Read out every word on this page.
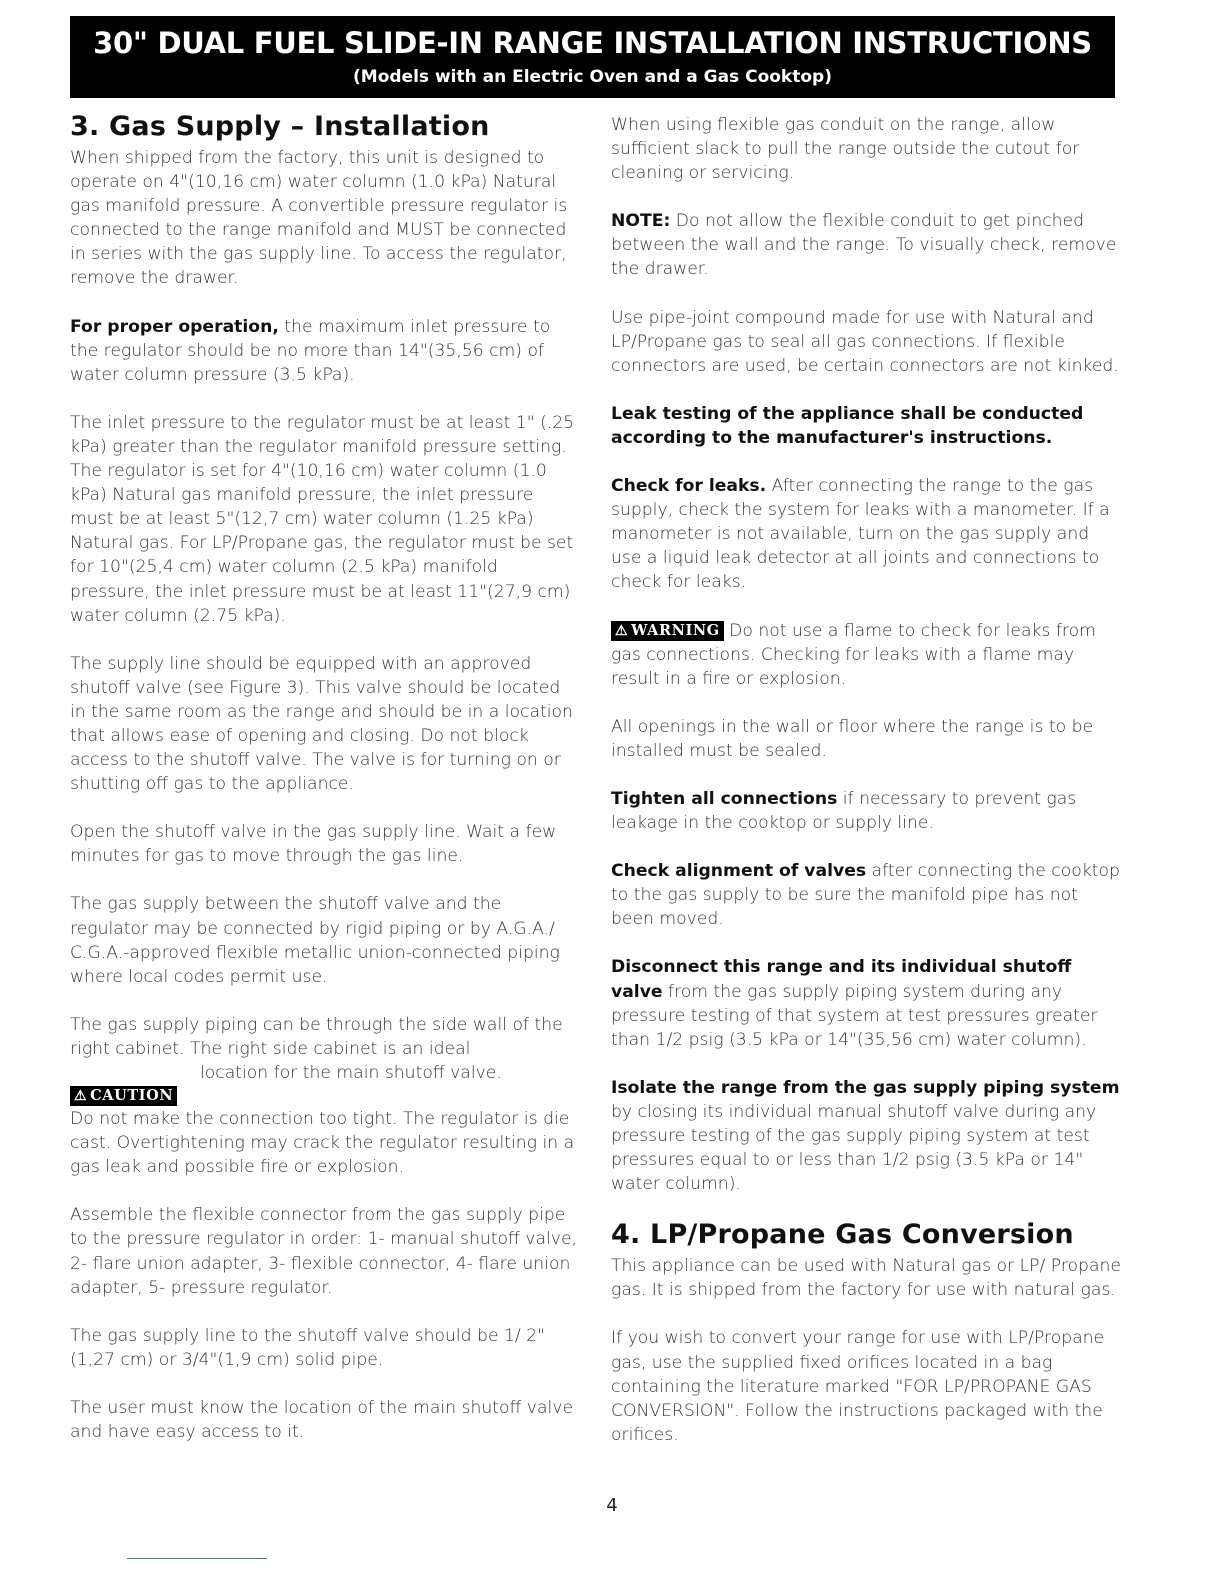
30" DUAL FUEL SLIDE-IN RANGE INSTALLATION INSTRUCTIONS
(Models with an Electric Oven and a Gas Cooktop)
3. Gas Supply – Installation

When shipped from the factory, this unit is designed to operate on 4"(10,16 cm) water column (1.0 kPa) Natural gas manifold pressure. A convertible pressure regulator is connected to the range manifold and MUST be connected in series with the gas supply line. To access the regulator, remove the drawer.

For proper operation, the maximum inlet pressure to the regulator should be no more than 14"(35,56 cm) of water column pressure (3.5 kPa).

The inlet pressure to the regulator must be at least 1" (.25 kPa) greater than the regulator manifold pressure setting. The regulator is set for 4"(10,16 cm) water column (1.0 kPa) Natural gas manifold pressure, the inlet pressure must be at least 5"(12,7 cm) water column (1.25 kPa) Natural gas. For LP/Propane gas, the regulator must be set for 10"(25,4 cm) water column (2.5 kPa) manifold pressure, the inlet pressure must be at least 11"(27,9 cm) water column (2.75 kPa).

The supply line should be equipped with an approved shutoff valve (see Figure 3). This valve should be located in the same room as the range and should be in a location that allows ease of opening and closing. Do not block access to the shutoff valve. The valve is for turning on or shutting off gas to the appliance.

Open the shutoff valve in the gas supply line. Wait a few minutes for gas to move through the gas line.

The gas supply between the shutoff valve and the regulator may be connected by rigid piping or by A.G.A./ C.G.A.-approved flexible metallic union-connected piping where local codes permit use.

The gas supply piping can be through the side wall of the right cabinet. The right side cabinet is an ideal
location for the main shutoff valve.

⚠ CAUTION

Do not make the connection too tight. The regulator is die cast. Overtightening may crack the regulator resulting in a gas leak and possible fire or explosion.

Assemble the flexible connector from the gas supply pipe to the pressure regulator in order: 1- manual shutoff valve, 2- flare union adapter, 3- flexible connector, 4- flare union adapter, 5- pressure regulator.

The gas supply line to the shutoff valve should be 1/ 2"(1,27 cm) or 3/4"(1,9 cm) solid pipe.

The user must know the location of the main shutoff valve and have easy access to it.

When using flexible gas conduit on the range, allow sufficient slack to pull the range outside the cutout for cleaning or servicing.

NOTE: Do not allow the flexible conduit to get pinched between the wall and the range. To visually check, remove the drawer.

Use pipe-joint compound made for use with Natural and LP/Propane gas to seal all gas connections. If flexible connectors are used, be certain connectors are not kinked.

Leak testing of the appliance shall be conducted according to the manufacturer's instructions.

Check for leaks. After connecting the range to the gas supply, check the system for leaks with a manometer. If a manometer is not available, turn on the gas supply and use a liquid leak detector at all joints and connections to check for leaks.

⚠ WARNING Do not use a flame to check for leaks from gas connections. Checking for leaks with a flame may result in a fire or explosion.

All openings in the wall or floor where the range is to be installed must be sealed.

Tighten all connections if necessary to prevent gas leakage in the cooktop or supply line.

Check alignment of valves after connecting the cooktop to the gas supply to be sure the manifold pipe has not been moved.

Disconnect this range and its individual shutoff valve from the gas supply piping system during any pressure testing of that system at test pressures greater than 1/2 psig (3.5 kPa or 14"(35,56 cm) water column).

Isolate the range from the gas supply piping system by closing its individual manual shutoff valve during any pressure testing of the gas supply piping system at test pressures equal to or less than 1/2 psig (3.5 kPa or 14" water column).

4. LP/Propane Gas Conversion

This appliance can be used with Natural gas or LP/ Propane gas. It is shipped from the factory for use with natural gas.

If you wish to convert your range for use with LP/Propane gas, use the supplied fixed orifices located in a bag containing the literature marked "FOR LP/PROPANE GAS CONVERSION". Follow the instructions packaged with the orifices.

4
